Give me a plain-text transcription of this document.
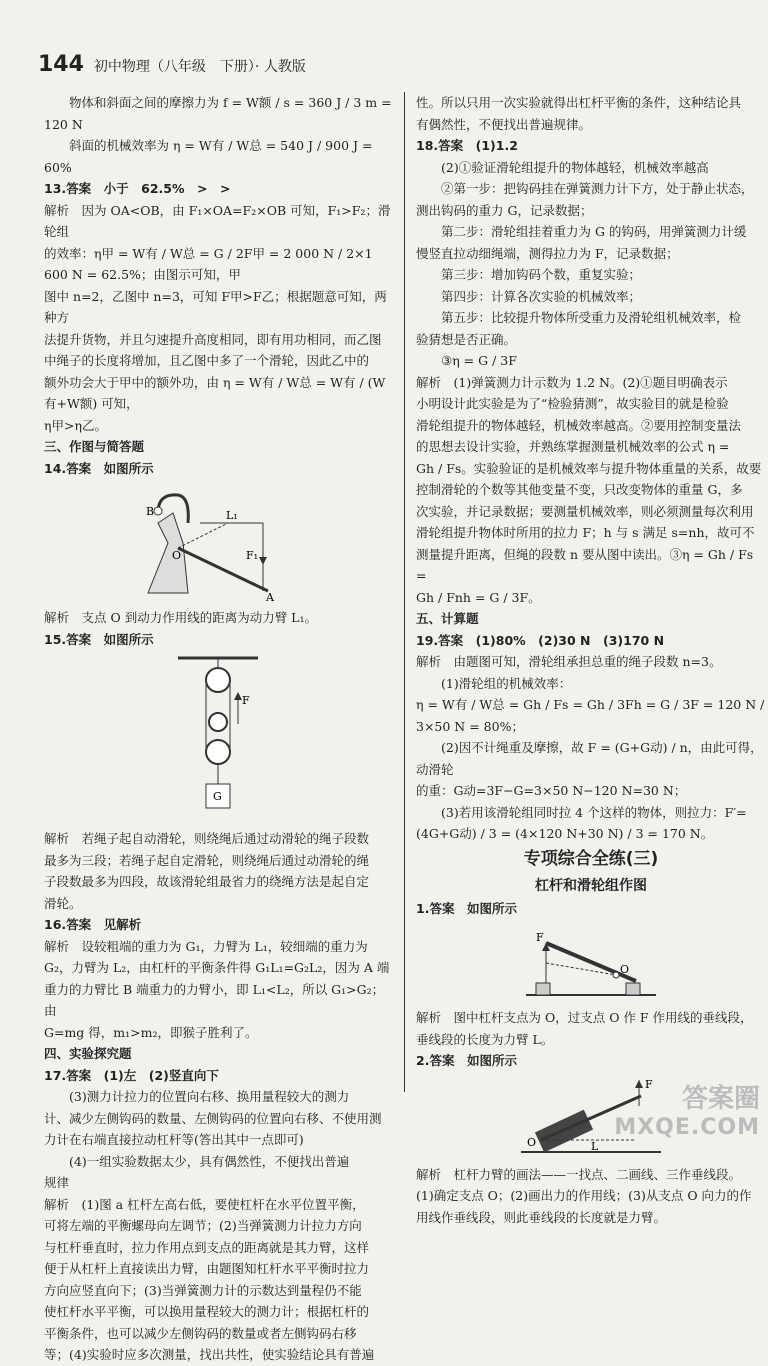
144 初中物理（八年级　下册）· 人教版

物体和斜面之间的摩擦力为 f = W额 / s = 360 J / 3 m = 120 N

斜面的机械效率为 η = W有 / W总 = 540 J / 900 J = 60%

13.答案　小于　62.5%　>　>

解析　因为 OA<OB，由 F₁×OA=F₂×OB 可知，F₁>F₂；滑轮组

的效率：η甲 = W有 / W总 = G / 2F甲 = 2 000 N / 2×1 600 N = 62.5%；由图示可知，甲

图中 n=2，乙图中 n=3，可知 F甲>F乙；根据题意可知，两种方

法提升货物，并且匀速提升高度相同，即有用功相同，而乙图

中绳子的长度将增加，且乙图中多了一个滑轮，因此乙中的

额外功会大于甲中的额外功，由 η = W有 / W总 = W有 / (W有+W额) 可知，

η甲>η乙。

三、作图与简答题

14.答案　如图所示

B
O
A
L₁
F₁

解析　支点 O 到动力作用线的距离为动力臂 L₁。

15.答案　如图所示

F
G

解析　若绳子起自动滑轮，则绕绳后通过动滑轮的绳子段数

最多为三段；若绳子起自定滑轮，则绕绳后通过动滑轮的绳

子段数最多为四段，故该滑轮组最省力的绕绳方法是起自定

滑轮。

16.答案　见解析

解析　设较粗端的重力为 G₁，力臂为 L₁，较细端的重力为

G₂，力臂为 L₂，由杠杆的平衡条件得 G₁L₁=G₂L₂，因为 A 端

重力的力臂比 B 端重力的力臂小，即 L₁<L₂，所以 G₁>G₂；由

G=mg 得，m₁>m₂，即猴子胜利了。

四、实验探究题

17.答案　(1)左　(2)竖直向下

(3)测力计拉力的位置向右移、换用量程较大的测力

计、减少左侧钩码的数量、左侧钩码的位置向右移、不使用测

力计在右端直接拉动杠杆等(答出其中一点即可)

(4)一组实验数据太少，具有偶然性，不便找出普遍

规律

解析　(1)图 a 杠杆左高右低，要使杠杆在水平位置平衡，

可将左端的平衡螺母向左调节；(2)当弹簧测力计拉力方向

与杠杆垂直时，拉力作用点到支点的距离就是其力臂，这样

便于从杠杆上直接读出力臂，由题图知杠杆水平平衡时拉力

方向应竖直向下；(3)当弹簧测力计的示数达到量程仍不能

使杠杆水平平衡，可以换用量程较大的测力计；根据杠杆的

平衡条件，也可以减少左侧钩码的数量或者左侧钩码右移

等；(4)实验时应多次测量，找出共性，使实验结论具有普遍

性。所以只用一次实验就得出杠杆平衡的条件，这种结论具

有偶然性，不便找出普遍规律。

18.答案　(1)1.2

(2)①验证滑轮组提升的物体越轻，机械效率越高

②第一步：把钩码挂在弹簧测力计下方，处于静止状态，

测出钩码的重力 G，记录数据；

第二步：滑轮组挂着重力为 G 的钩码，用弹簧测力计缓

慢竖直拉动细绳端，测得拉力为 F，记录数据；

第三步：增加钩码个数，重复实验；

第四步：计算各次实验的机械效率；

第五步：比较提升物体所受重力及滑轮组机械效率，检

验猜想是否正确。

③η = G / 3F

解析　(1)弹簧测力计示数为 1.2 N。(2)①题目明确表示

小明设计此实验是为了“检验猜测”，故实验目的就是检验

滑轮组提升的物体越轻，机械效率越高。②要用控制变量法

的思想去设计实验，并熟练掌握测量机械效率的公式 η =

Gh / Fs。实验验证的是机械效率与提升物体重量的关系，故要

控制滑轮的个数等其他变量不变，只改变物体的重量 G，多

次实验，并记录数据；要测量机械效率，则必须测量每次利用

滑轮组提升物体时所用的拉力 F；h 与 s 满足 s=nh，故可不

测量提升距离，但绳的段数 n 要从图中读出。③η = Gh / Fs =

Gh / Fnh = G / 3F。

五、计算题

19.答案　(1)80%　(2)30 N　(3)170 N

解析　由题图可知，滑轮组承担总重的绳子段数 n=3。

(1)滑轮组的机械效率：

η = W有 / W总 = Gh / Fs = Gh / 3Fh = G / 3F = 120 N / 3×50 N = 80%；

(2)因不计绳重及摩擦，故 F = (G+G动) / n，由此可得，动滑轮

的重：G动=3F−G=3×50 N−120 N=30 N；

(3)若用该滑轮组同时拉 4 个这样的物体，则拉力：F′=

(4G+G动) / 3 = (4×120 N+30 N) / 3 = 170 N。

专项综合全练(三)

杠杆和滑轮组作图

1.答案　如图所示

F
O

解析　图中杠杆支点为 O，过支点 O 作 F 作用线的垂线段，

垂线段的长度为力臂 L。

2.答案　如图所示

F
O	L

解析　杠杆力臂的画法——一找点、二画线、三作垂线段。

(1)确定支点 O；(2)画出力的作用线；(3)从支点 O 向力的作

用线作垂线段，则此垂线段的长度就是力臂。

答案圈
MXQE.COM
